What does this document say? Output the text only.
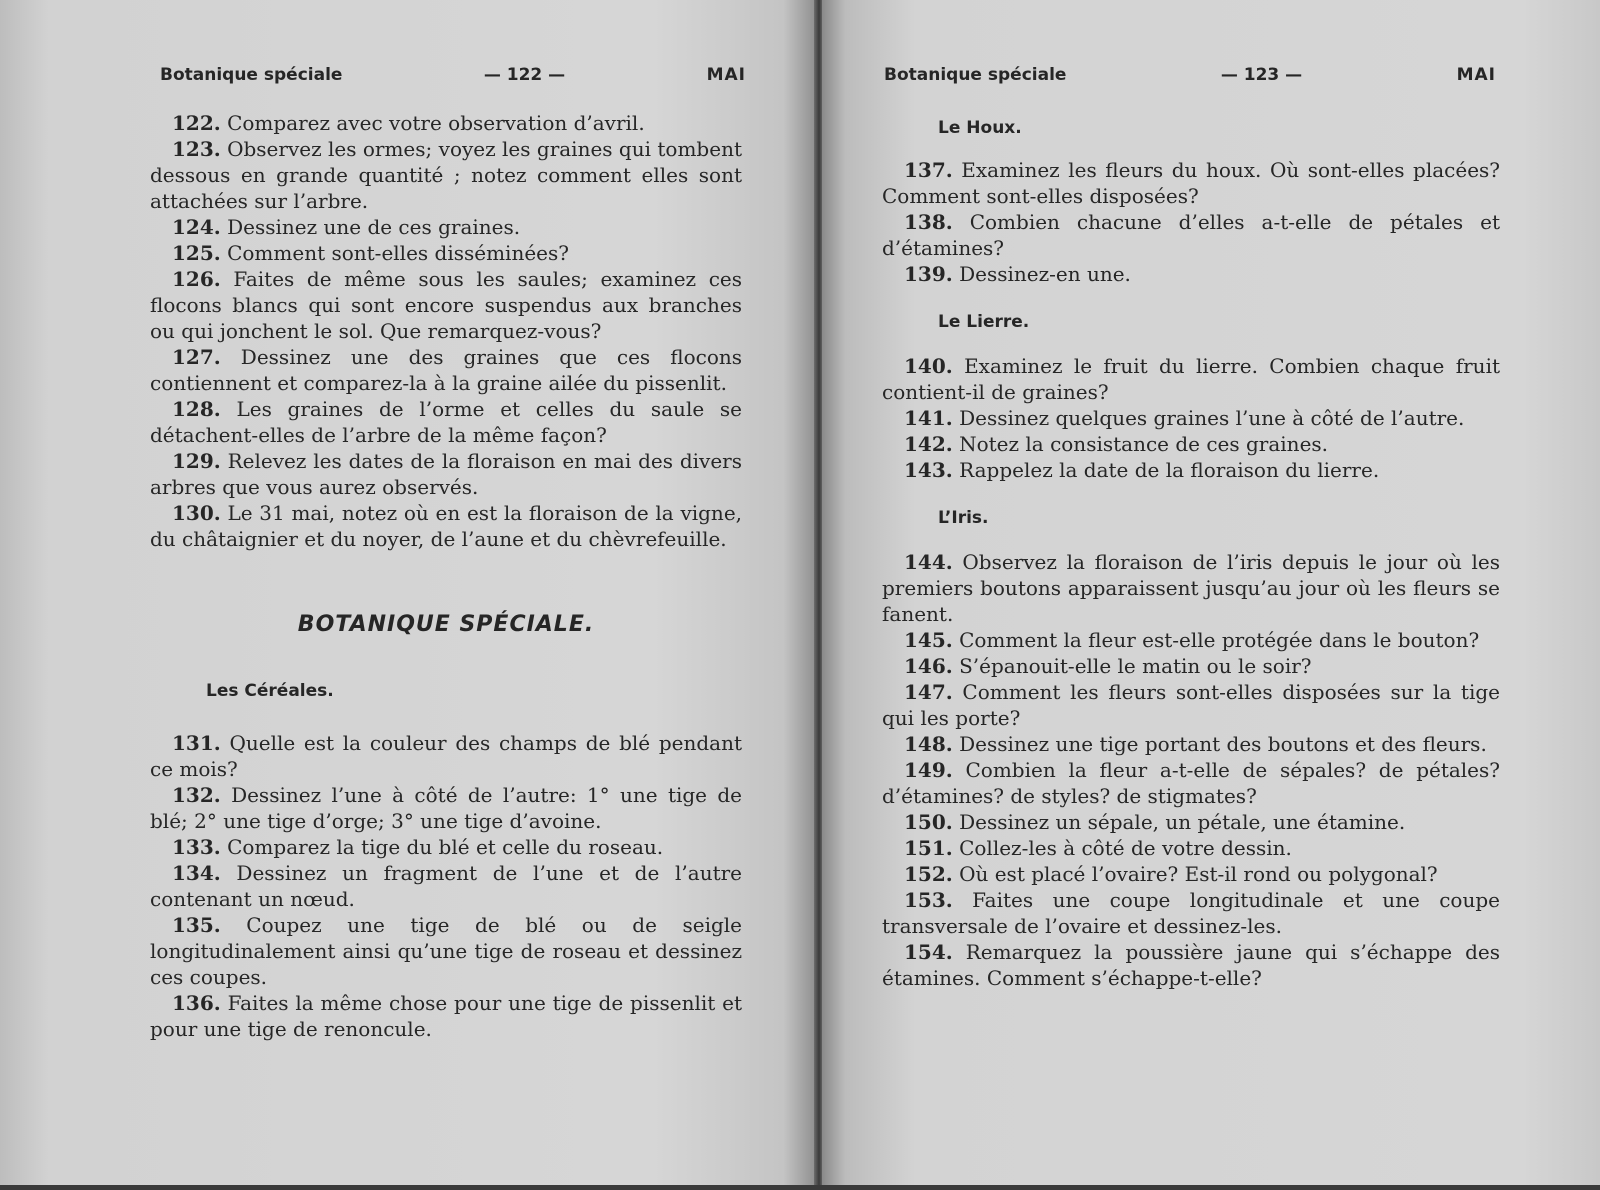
Botanique spéciale	— 122 —	MAI

122. Comparez avec votre observation d’avril.

123. Observez les ormes; voyez les graines qui tombent dessous en grande quantité ; notez comment elles sont attachées sur l’arbre.

124. Dessinez une de ces graines.

125. Comment sont-elles disséminées?

126. Faites de même sous les saules; examinez ces flocons blancs qui sont encore suspendus aux branches ou qui jonchent le sol. Que remarquez-vous?

127. Dessinez une des graines que ces flocons contiennent et comparez-la à la graine ailée du pissenlit.

128. Les graines de l’orme et celles du saule se détachent-elles de l’arbre de la même façon?

129. Relevez les dates de la floraison en mai des divers arbres que vous aurez observés.

130. Le 31 mai, notez où en est la floraison de la vigne, du châtaignier et du noyer, de l’aune et du chèvrefeuille.

BOTANIQUE SPÉCIALE.

Les Céréales.

131. Quelle est la couleur des champs de blé pendant ce mois?

132. Dessinez l’une à côté de l’autre: 1° une tige de blé; 2° une tige d’orge; 3° une tige d’avoine.

133. Comparez la tige du blé et celle du roseau.

134. Dessinez un fragment de l’une et de l’autre contenant un nœud.

135. Coupez une tige de blé ou de seigle longitudinalement ainsi qu’une tige de roseau et dessinez ces coupes.

136. Faites la même chose pour une tige de pissenlit et pour une tige de renoncule.

Botanique spéciale	— 123 —	MAI

Le Houx.

137. Examinez les fleurs du houx. Où sont-elles placées? Comment sont-elles disposées?

138. Combien chacune d’elles a-t-elle de pétales et d’étamines?

139. Dessinez-en une.

Le Lierre.

140. Examinez le fruit du lierre. Combien chaque fruit contient-il de graines?

141. Dessinez quelques graines l’une à côté de l’autre.

142. Notez la consistance de ces graines.

143. Rappelez la date de la floraison du lierre.

L’Iris.

144. Observez la floraison de l’iris depuis le jour où les premiers boutons apparaissent jusqu’au jour où les fleurs se fanent.

145. Comment la fleur est-elle protégée dans le bouton?

146. S’épanouit-elle le matin ou le soir?

147. Comment les fleurs sont-elles disposées sur la tige qui les porte?

148. Dessinez une tige portant des boutons et des fleurs.

149. Combien la fleur a-t-elle de sépales? de pétales? d’étamines? de styles? de stigmates?

150. Dessinez un sépale, un pétale, une étamine.

151. Collez-les à côté de votre dessin.

152. Où est placé l’ovaire? Est-il rond ou polygonal?

153. Faites une coupe longitudinale et une coupe transversale de l’ovaire et dessinez-les.

154. Remarquez la poussière jaune qui s’échappe des étamines. Comment s’échappe-t-elle?
